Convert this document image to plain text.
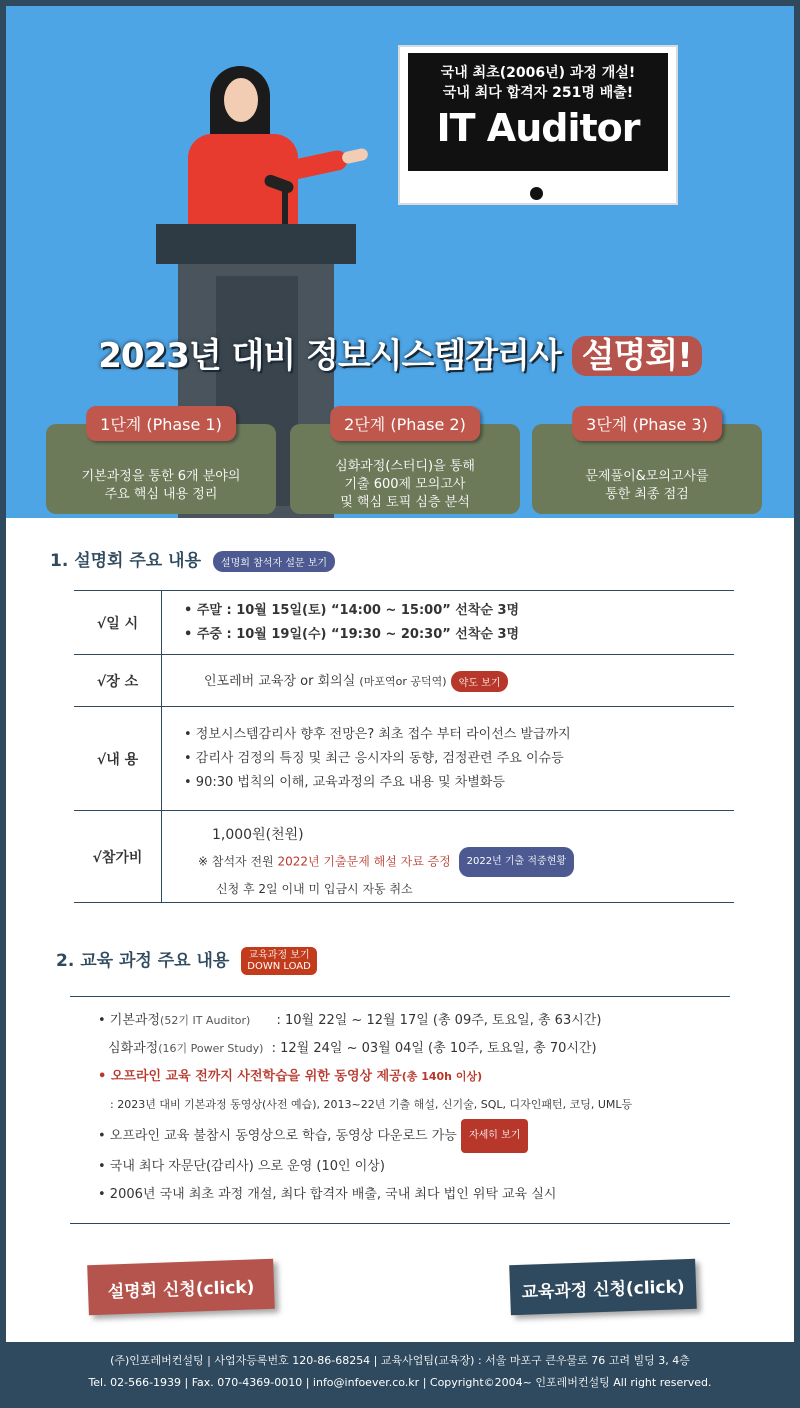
국내 최초(2006년) 과정 개설!
국내 최다 합격자 251명 배출!
IT Auditor
2023년 대비 정보시스템감리사 설명회!
1단계 (Phase 1)
기본과정을 통한 6개 분야의
주요 핵심 내용 정리
2단계 (Phase 2)
심화과정(스터디)을 통해
기출 600제 모의고사
및 핵심 토픽 심층 분석
3단계 (Phase 3)
문제풀이&모의고사를
통한 최종 점검
1. 설명회 주요 내용 설명회 참석자 설문 보기
√일 시
• 주말 : 10월 15일(토) “14:00 ~ 15:00” 선착순 3명
• 주중 : 10월 19일(수) “19:30 ~ 20:30” 선착순 3명
√장 소	인포레버 교육장 or 회의실 (마포역or 공덕역) 약도 보기
√내 용
• 정보시스템감리사 향후 전망은? 최초 접수 부터 라이선스 발급까지
• 감리사 검정의 특징 및 최근 응시자의 동향, 검정관련 주요 이슈등
• 90:30 법칙의 이해, 교육과정의 주요 내용 및 차별화등
√참가비
1,000원(천원)
※ 참석자 전원 2022년 기출문제 해설 자료 증정 2022년 기출 적중현황
신청 후 2일 이내 미 입금시 자동 취소
2. 교육 과정 주요 내용 교육과정 보기
DOWN LOAD
• 기본과정(52기 IT Auditor) : 10월 22일 ~ 12월 17일 (총 09주, 토요일, 총 63시간)
심화과정(16기 Power Study) : 12월 24일 ~ 03월 04일 (총 10주, 토요일, 총 70시간)
• 오프라인 교육 전까지 사전학습을 위한 동영상 제공(총 140h 이상)
: 2023년 대비 기본과정 동영상(사전 예습), 2013~22년 기출 해설, 신기술, SQL, 디자인패턴, 코딩, UML등
• 오프라인 교육 불참시 동영상으로 학습, 동영상 다운로드 가능 자세히 보기
• 국내 최다 자문단(감리사) 으로 운영 (10인 이상)
• 2006년 국내 최초 과정 개설, 최다 합격자 배출, 국내 최다 법인 위탁 교육 실시
설명회 신청(click)	교육과정 신청(click)
(주)인포레버컨설팅 | 사업자등록번호 120-86-68254 | 교육사업팀(교육장) : 서울 마포구 큰우물로 76 고려 빌딩 3, 4층
Tel. 02-566-1939 | Fax. 070-4369-0010 | info@infoever.co.kr | Copyright©2004~ 인포레버컨설팅 All right reserved.
